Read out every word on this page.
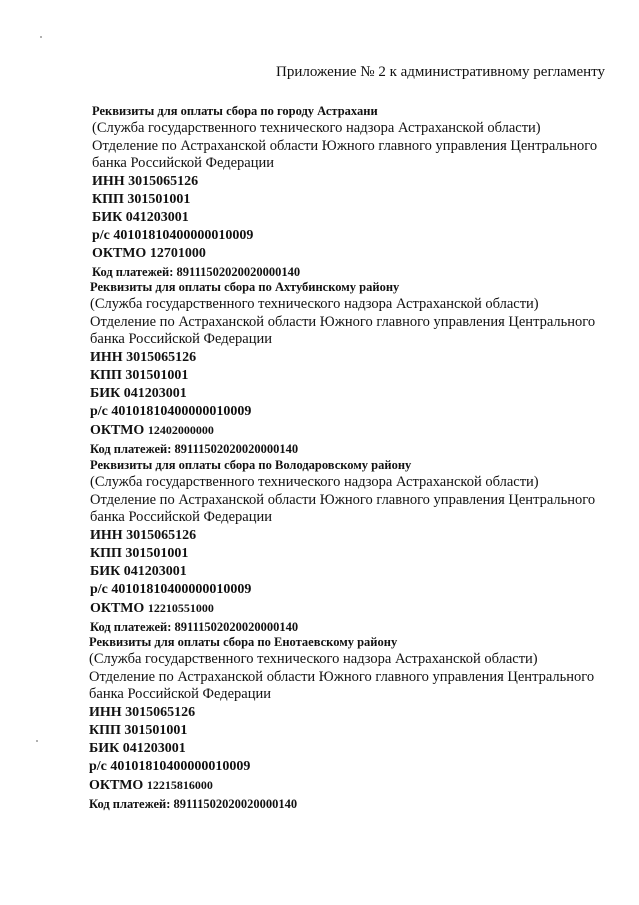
Приложение № 2 к административному регламенту
Реквизиты для оплаты сбора по городу Астрахани
(Служба государственного технического надзора Астраханской области)
Отделение по Астраханской области Южного главного управления Центрального
банка Российской Федерации
ИНН 3015065126
КПП 301501001
БИК 041203001
р/с 40101810400000010009
ОКТМО 12701000
Код платежей: 89111502020020000140
Реквизиты для оплаты сбора по Ахтубинскому району
(Служба государственного технического надзора Астраханской области)
Отделение по Астраханской области Южного главного управления Центрального
банка Российской Федерации
ИНН 3015065126
КПП 301501001
БИК 041203001
р/с 40101810400000010009
ОКТМО 12402000000
Код платежей: 89111502020020000140
Реквизиты для оплаты сбора по Володаровскому району
(Служба государственного технического надзора Астраханской области)
Отделение по Астраханской области Южного главного управления Центрального
банка Российской Федерации
ИНН 3015065126
КПП 301501001
БИК 041203001
р/с 40101810400000010009
ОКТМО 12210551000
Код платежей: 89111502020020000140
Реквизиты для оплаты сбора по Енотаевскому району
(Служба государственного технического надзора Астраханской области)
Отделение по Астраханской области Южного главного управления Центрального
банка Российской Федерации
ИНН 3015065126
КПП 301501001
БИК 041203001
р/с 40101810400000010009
ОКТМО 12215816000
Код платежей: 89111502020020000140
